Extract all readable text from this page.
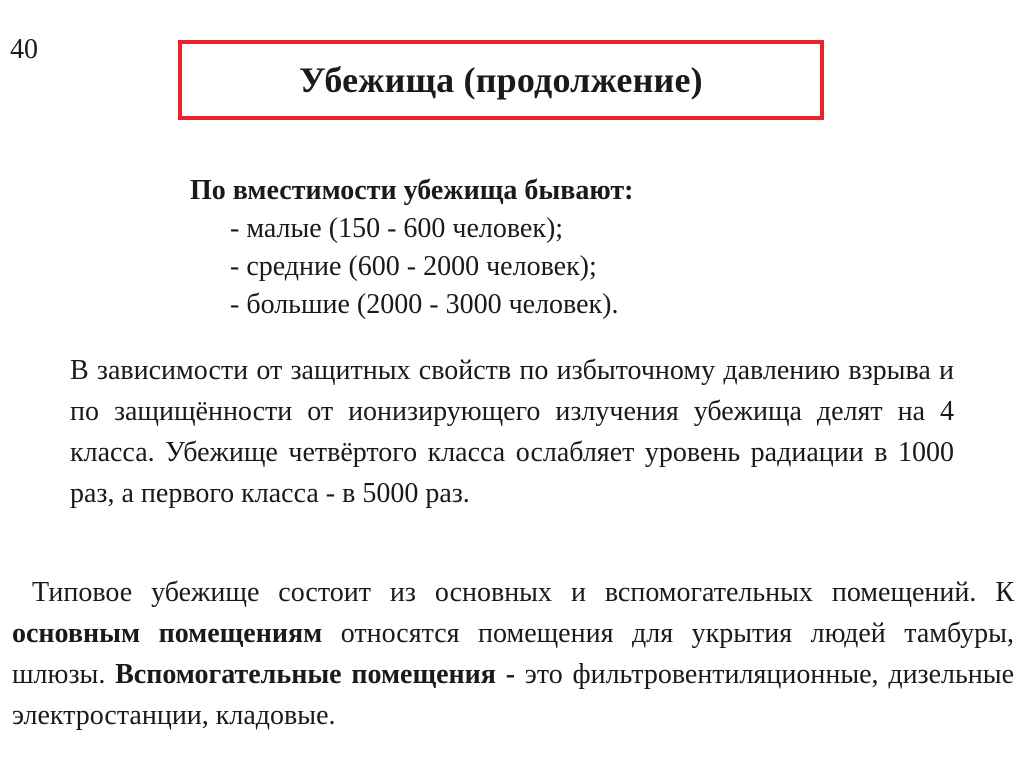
40
Убежища (продолжение)
По вместимости убежища бывают:
- малые (150 - 600 человек);
- средние (600 - 2000 человек);
- большие (2000 - 3000 человек).

В зависимости от защитных свойств по избыточному давлению взрыва и по защищённости от ионизирующего излучения убежища делят на 4 класса. Убежище четвёртого класса ослабляет уровень радиации в 1000 раз, а первого класса - в 5000 раз.

Типовое убежище состоит из основных и вспомогательных помещений. К основным помещениям относятся помещения для укрытия людей тамбуры, шлюзы. Вспомогательные помещения - это фильтровентиляционные, дизельные электростанции, кладовые.
